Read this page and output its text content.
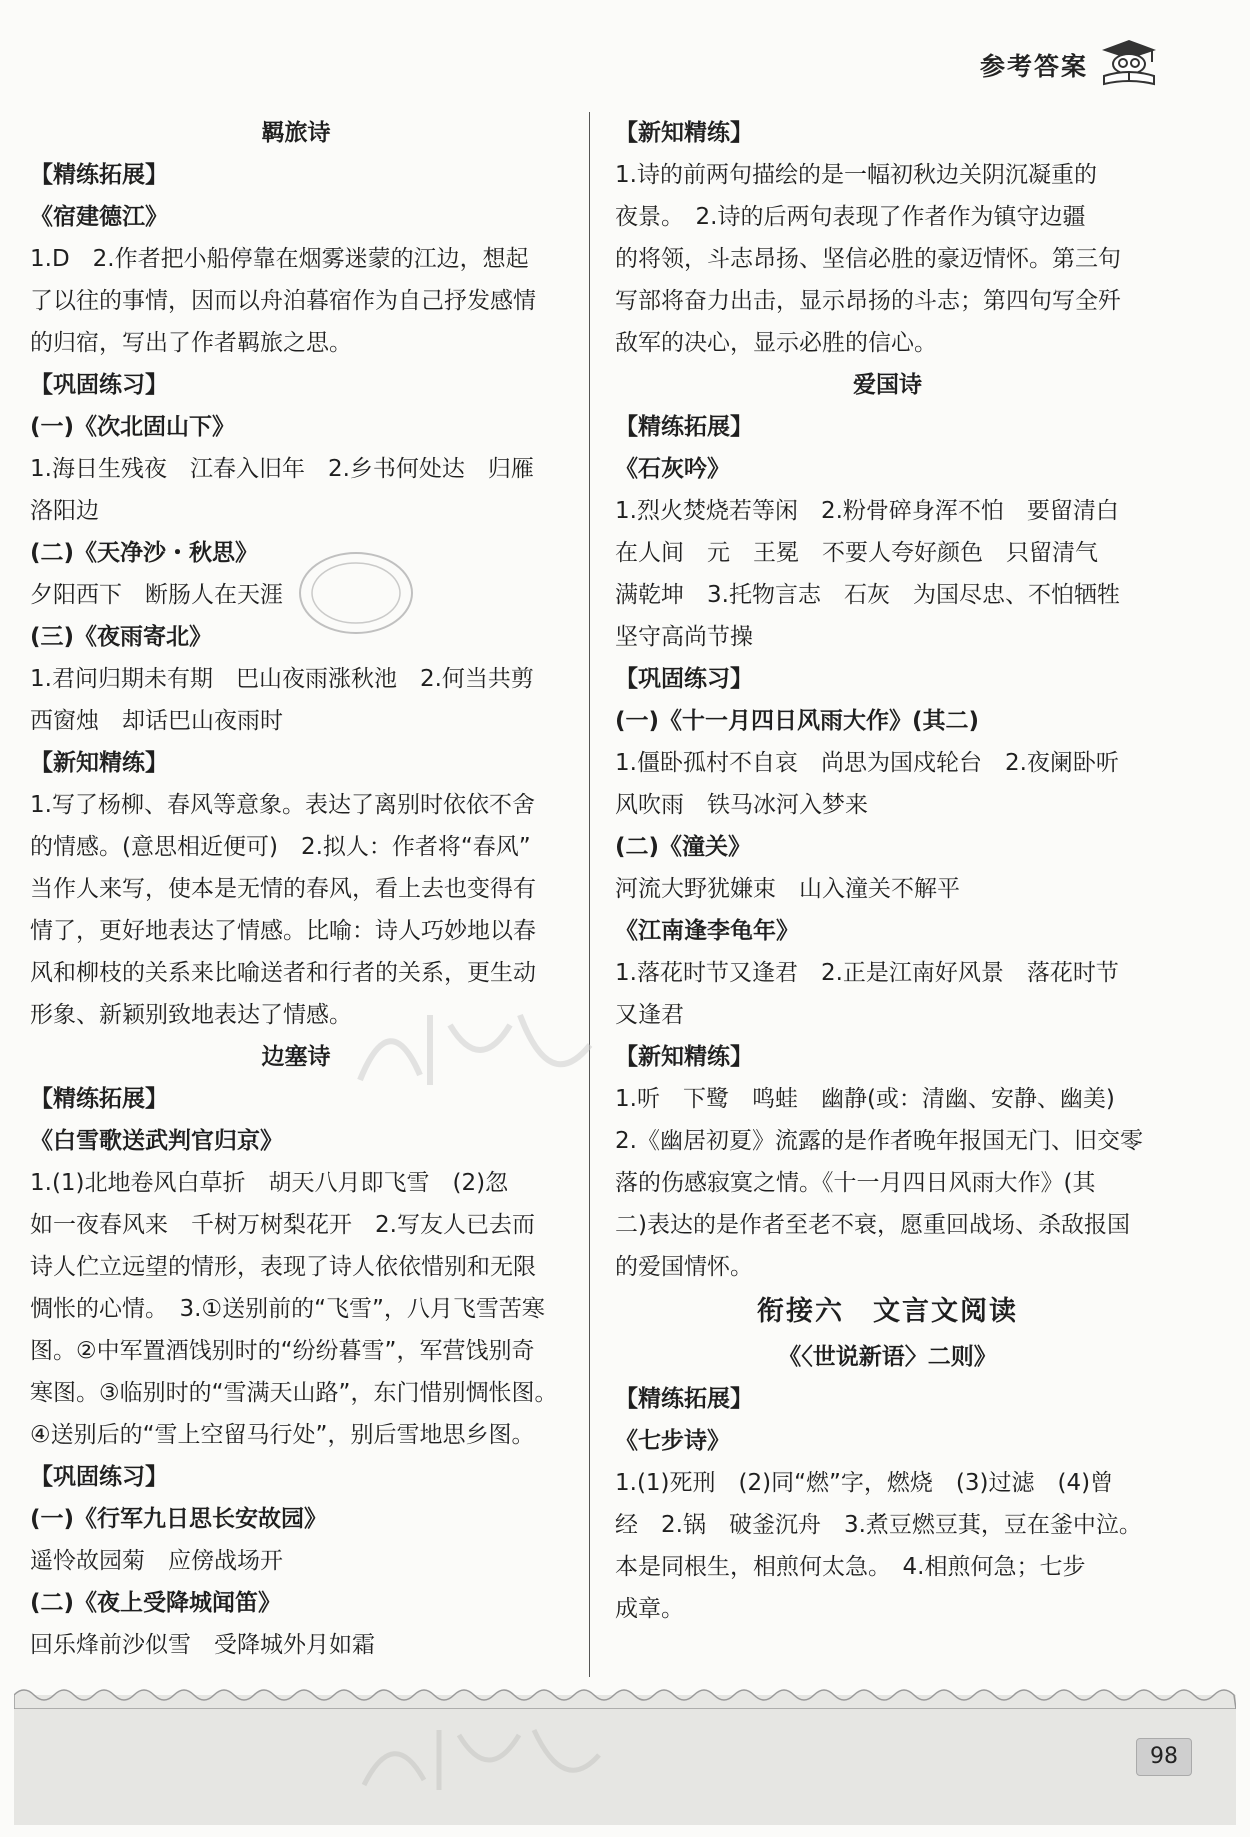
参考答案
羁旅诗
【精练拓展】
《宿建德江》
1.D　2.作者把小船停靠在烟雾迷蒙的江边，想起
了以往的事情，因而以舟泊暮宿作为自己抒发感情
的归宿，写出了作者羁旅之思。
【巩固练习】
(一)《次北固山下》
1.海日生残夜　江春入旧年　2.乡书何处达　归雁
洛阳边
(二)《天净沙・秋思》
夕阳西下　断肠人在天涯
(三)《夜雨寄北》
1.君问归期未有期　巴山夜雨涨秋池　2.何当共剪
西窗烛　却话巴山夜雨时
【新知精练】
1.写了杨柳、春风等意象。表达了离别时依依不舍
的情感。(意思相近便可)　2.拟人：作者将“春风”
当作人来写，使本是无情的春风，看上去也变得有
情了，更好地表达了情感。比喻：诗人巧妙地以春
风和柳枝的关系来比喻送者和行者的关系，更生动
形象、新颖别致地表达了情感。
边塞诗
【精练拓展】
《白雪歌送武判官归京》
1.(1)北地卷风白草折　胡天八月即飞雪　(2)忽
如一夜春风来　千树万树梨花开　2.写友人已去而
诗人伫立远望的情形，表现了诗人依依惜别和无限
惆怅的心情。　3.①送别前的“飞雪”，八月飞雪苦寒
图。②中军置酒饯别时的“纷纷暮雪”，军营饯别奇
寒图。③临别时的“雪满天山路”，东门惜别惆怅图。
④送别后的“雪上空留马行处”，别后雪地思乡图。
【巩固练习】
(一)《行军九日思长安故园》
遥怜故园菊　应傍战场开
(二)《夜上受降城闻笛》
回乐烽前沙似雪　受降城外月如霜
【新知精练】
1.诗的前两句描绘的是一幅初秋边关阴沉凝重的
夜景。　2.诗的后两句表现了作者作为镇守边疆
的将领，斗志昂扬、坚信必胜的豪迈情怀。第三句
写部将奋力出击，显示昂扬的斗志；第四句写全歼
敌军的决心，显示必胜的信心。
爱国诗
【精练拓展】
《石灰吟》
1.烈火焚烧若等闲　2.粉骨碎身浑不怕　要留清白
在人间　元　王冕　不要人夸好颜色　只留清气
满乾坤　3.托物言志　石灰　为国尽忠、不怕牺牲
坚守高尚节操
【巩固练习】
(一)《十一月四日风雨大作》(其二)
1.僵卧孤村不自哀　尚思为国戍轮台　2.夜阑卧听
风吹雨　铁马冰河入梦来
(二)《潼关》
河流大野犹嫌束　山入潼关不解平
《江南逢李龟年》
1.落花时节又逢君　2.正是江南好风景　落花时节
又逢君
【新知精练】
1.听　下鹭　鸣蛙　幽静(或：清幽、安静、幽美)
2.《幽居初夏》流露的是作者晚年报国无门、旧交零
落的伤感寂寞之情。《十一月四日风雨大作》(其
二)表达的是作者至老不衰，愿重回战场、杀敌报国
的爱国情怀。
衔接六　文言文阅读
《〈世说新语〉二则》
【精练拓展】
《七步诗》
1.(1)死刑　(2)同“燃”字，燃烧　(3)过滤　(4)曾
经　2.锅　破釜沉舟　3.煮豆燃豆萁，豆在釜中泣。
本是同根生，相煎何太急。　4.相煎何急；七步
成章。
98
